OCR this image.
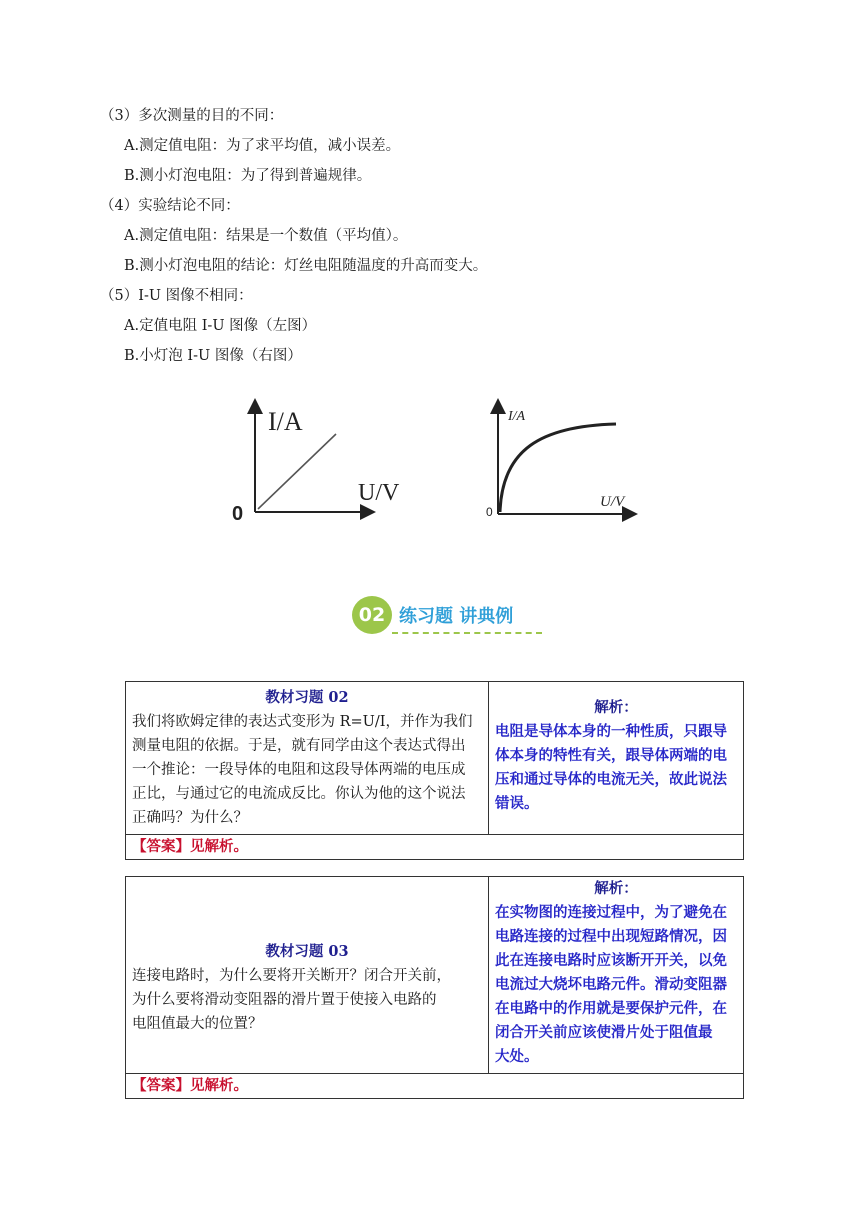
（3）多次测量的目的不同：
A.测定值电阻：为了求平均值，减小误差。
B.测小灯泡电阻：为了得到普遍规律。
（4）实验结论不同：
A.测定值电阻：结果是一个数值（平均值）。
B.测小灯泡电阻的结论：灯丝电阻随温度的升高而变大。
（5）I-U 图像不相同：
A.定值电阻 I-U 图像（左图）
B.小灯泡 I-U 图像（右图）
I/A
U/V
0
I/A
U/V
0
02 练习题 讲典例
教材习题 02
我们将欧姆定律的表达式变形为 R=U/I，并作为我们
测量电阻的依据。于是，就有同学由这个表达式得出
一个推论：一段导体的电阻和这段导体两端的电压成
正比，与通过它的电流成反比。你认为他的这个说法
正确吗？为什么？

解析：
电阻是导体本身的一种性质，只跟导
体本身的特性有关，跟导体两端的电
压和通过导体的电流无关，故此说法
错误。

【答案】见解析。
教材习题 03
连接电路时，为什么要将开关断开？闭合开关前，
为什么要将滑动变阻器的滑片置于使接入电路的
电阻值最大的位置？

解析：
在实物图的连接过程中，为了避免在
电路连接的过程中出现短路情况，因
此在连接电路时应该断开开关，以免
电流过大烧坏电路元件。滑动变阻器
在电路中的作用就是要保护元件，在
闭合开关前应该使滑片处于阻值最
大处。

【答案】见解析。
